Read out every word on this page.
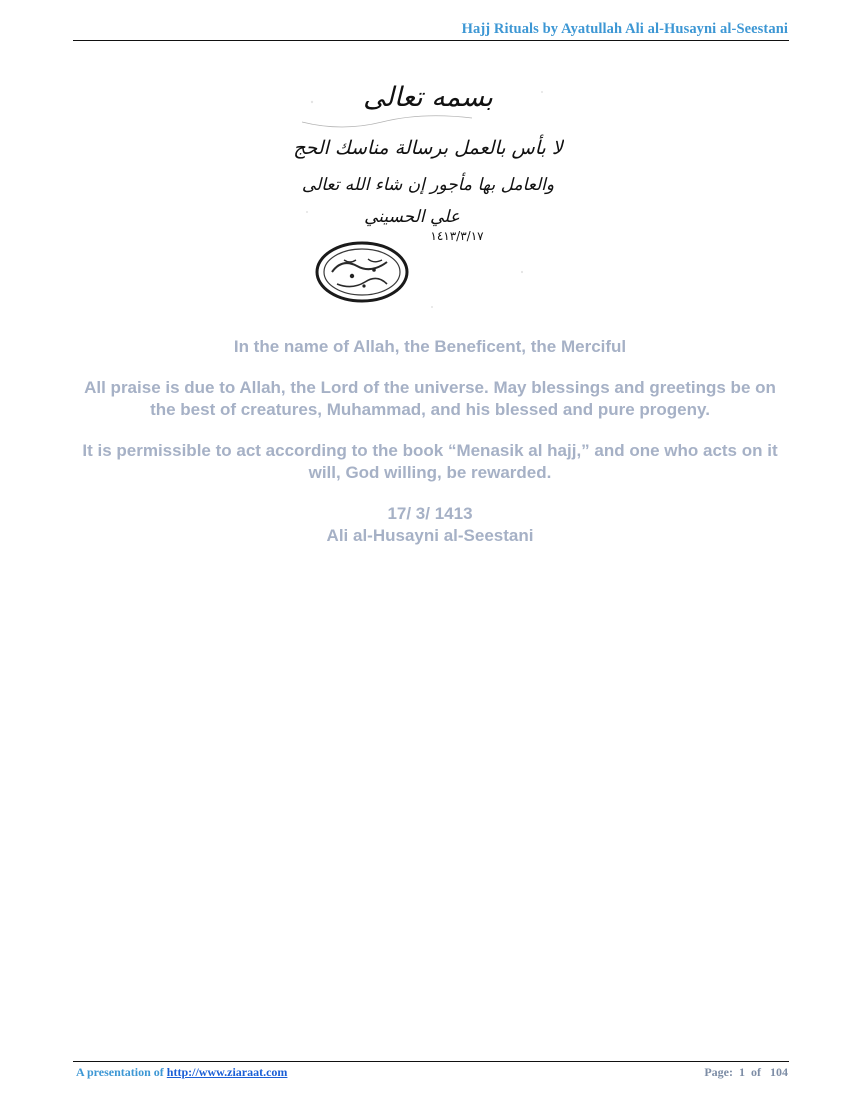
Hajj Rituals by Ayatullah Ali al-Husayni al-Seestani
بسمه تعالى
لا بأس بالعمل برسالة مناسك الحج
والعامل بها مأجور إن شاء الله تعالى
علي الحسيني
١٤١٣/٣/١٧

In the name of Allah, the Beneficent, the Merciful

All praise is due to Allah, the Lord of the universe. May blessings and greetings be on the best of creatures, Muhammad, and his blessed and pure progeny.

It is permissible to act according to the book “Menasik al hajj,” and one who acts on it will, God willing, be rewarded.

17/ 3/ 1413

Ali al-Husayni al-Seestani

A presentation of http://www.ziaraat.com	Page:  1  of   104
